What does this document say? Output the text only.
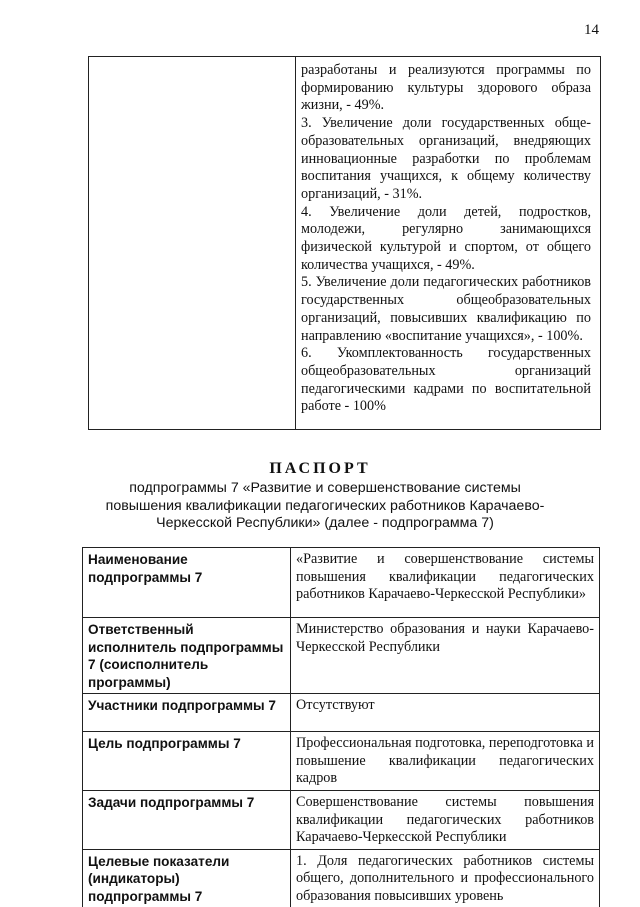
14

разработаны и реализуются программы по формированию культуры здорового образа жизни, - 49%.

3. Увеличение доли государственных обще-образовательных организаций, внедряющих инновационные разработки по проблемам воспитания учащихся, к общему количеству организаций, - 31%.

4. Увеличение доли детей, подростков, молодежи, регулярно занимающихся физической культурой и спортом, от общего количества учащихся, - 49%.

5. Увеличение доли педагогических работников государственных общеобразовательных организаций, повысивших квалификацию по направлению «воспитание учащихся», - 100%.

6. Укомплектованность государственных общеобразовательных организаций педагогическими кадрами по воспитательной работе - 100%

ПАСПОРТ
подпрограммы 7 «Развитие и совершенствование системы повышения квалификации педагогических работников Карачаево-Черкесской Республики» (далее - подпрограмма 7)
Наименование подпрограммы 7	«Развитие и совершенствование системы повышения квалификации педагогических работников Карачаево-Черкесской Республики»
Ответственный исполнитель подпрограммы 7 (соисполнитель программы)	Министерство образования и науки Карачаево-Черкесской Республики
Участники подпрограммы 7	Отсутствуют
Цель подпрограммы 7	Профессиональная подготовка, переподготовка и повышение квалификации педагогических кадров
Задачи подпрограммы 7	Совершенствование системы повышения квалификации педагогических работников Карачаево-Черкесской Республики
Целевые показатели (индикаторы) подпрограммы 7	1. Доля педагогических работников системы общего, дополнительного и профессионального образования повысивших уровень
